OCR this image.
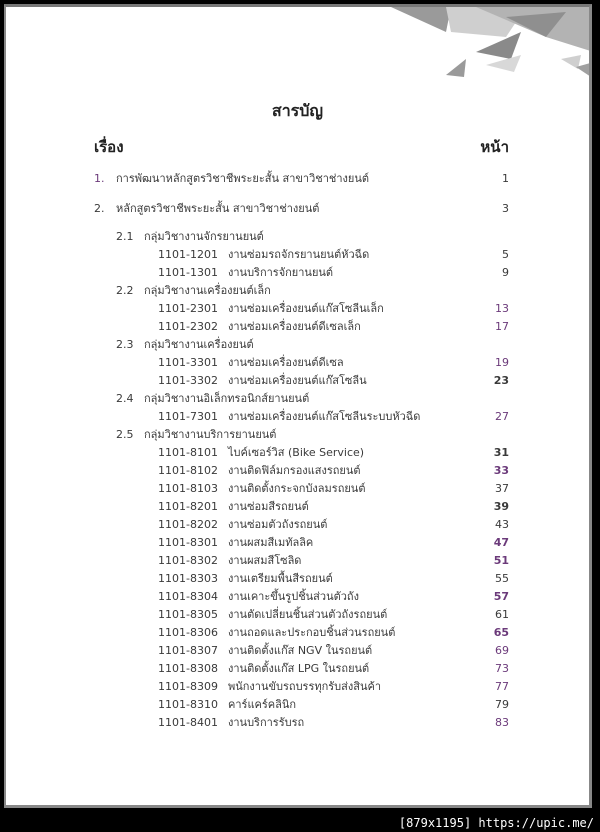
สารบัญ
เรื่อง	หน้า
1. การพัฒนาหลักสูตรวิชาชีพระยะสั้น สาขาวิชาช่างยนต์	1
2. หลักสูตรวิชาชีพระยะสั้น สาขาวิชาช่างยนต์	3
2.1 กลุ่มวิชางานจักรยานยนต์
1101-1201 งานซ่อมรถจักรยานยนต์หัวฉีด	5
1101-1301 งานบริการจักยานยนต์	9
2.2 กลุ่มวิชางานเครื่องยนต์เล็ก
1101-2301 งานซ่อมเครื่องยนต์แก๊สโซลีนเล็ก	13
1101-2302 งานซ่อมเครื่องยนต์ดีเซลเล็ก	17
2.3 กลุ่มวิชางานเครื่องยนต์
1101-3301 งานซ่อมเครื่องยนต์ดีเซล	19
1101-3302 งานซ่อมเครื่องยนต์แก๊สโซลีน	23
2.4 กลุ่มวิชางานอิเล็กทรอนิกส์ยานยนต์
1101-7301 งานซ่อมเครื่องยนต์แก๊สโซลีนระบบหัวฉีด	27
2.5 กลุ่มวิชางานบริการยานยนต์
1101-8101 ไบค์เซอร์วิส (Bike Service)	31
1101-8102 งานติดฟิล์มกรองแสงรถยนต์	33
1101-8103 งานติดตั้งกระจกบังลมรถยนต์	37
1101-8201 งานซ่อมสีรถยนต์	39
1101-8202 งานซ่อมตัวถังรถยนต์	43
1101-8301 งานผสมสีเมทัลลิค	47
1101-8302 งานผสมสีโซลิด	51
1101-8303 งานเตรียมพื้นสีรถยนต์	55
1101-8304 งานเคาะขึ้นรูปชิ้นส่วนตัวถัง	57
1101-8305 งานตัดเปลี่ยนชิ้นส่วนตัวถังรถยนต์	61
1101-8306 งานถอดและประกอบชิ้นส่วนรถยนต์	65
1101-8307 งานติดตั้งแก๊ส NGV ในรถยนต์	69
1101-8308 งานติดตั้งแก๊ส LPG ในรถยนต์	73
1101-8309 พนักงานขับรถบรรทุกรับส่งสินค้า	77
1101-8310 คาร์แคร์คลินิก	79
1101-8401 งานบริการรับรถ	83
[879x1195] https://upic.me/
